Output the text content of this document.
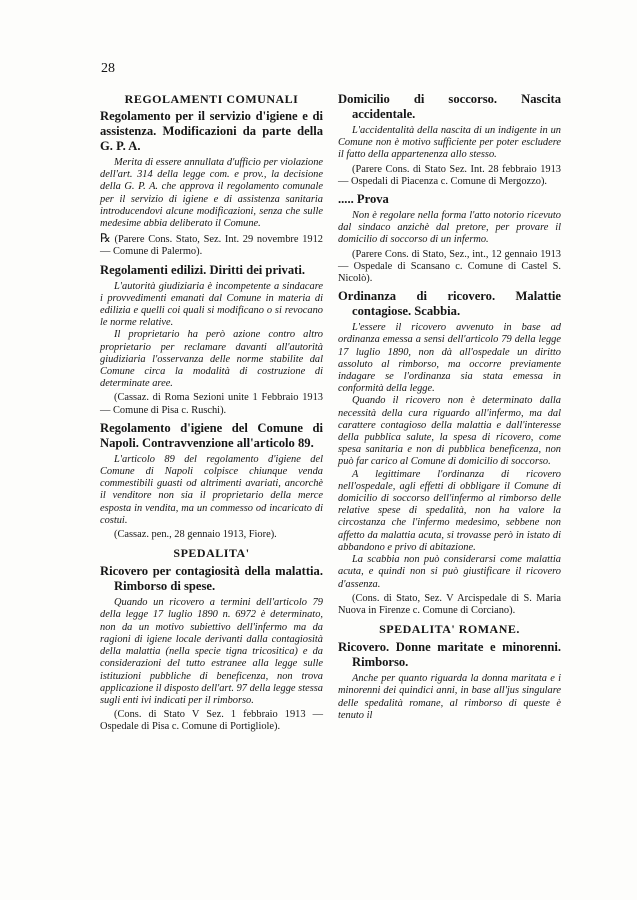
28
REGOLAMENTI COMUNALI
Regolamento per il servizio d'igiene e di assistenza. Modificazioni da parte della G. P. A.

Merita di essere annullata d'ufficio per violazione dell'art. 314 della legge com. e prov., la decisione della G. P. A. che approva il regolamento comunale per il servizio di igiene e di assistenza sanitaria introducendovi alcune modificazioni, senza che sulle medesime abbia deliberato il Comune.

℞ (Parere Cons. Stato, Sez. Int. 29 novembre 1912 — Comune di Palermo).

Regolamenti edilizi. Diritti dei privati.

L'autorità giudiziaria è incompetente a sindacare i provvedimenti emanati dal Comune in materia di edilizia e quelli coi quali si modificano o si revocano le norme relative.

Il proprietario ha però azione contro altro proprietario per reclamare davanti all'autorità giudiziaria l'osservanza delle norme stabilite dal Comune circa la modalità di costruzione di determinate aree.

(Cassaz. di Roma Sezioni unite 1 Febbraio 1913 — Comune di Pisa c. Ruschi).

Regolamento d'igiene del Comune di Napoli. Contravvenzione all'articolo 89.

L'articolo 89 del regolamento d'igiene del Comune di Napoli colpisce chiunque venda commestibili guasti od altrimenti avariati, ancorchè il venditore non sia il proprietario della merce esposta in vendita, ma un commesso od incaricato di costui.

(Cassaz. pen., 28 gennaio 1913, Fiore).

SPEDALITA'
Ricovero per contagiosità della malattia. Rimborso di spese.

Quando un ricovero a termini dell'articolo 79 della legge 17 luglio 1890 n. 6972 è determinato, non da un motivo subiettivo dell'infermo ma da ragioni di igiene locale derivanti dalla contagiosità della malattia (nella specie tigna tricositica) e da considerazioni del tutto estranee alla legge sulle istituzioni pubbliche di beneficenza, non trova applicazione il disposto dell'art. 97 della legge stessa sugli enti ivi indicati per il rimborso.

(Cons. di Stato V Sez. 1 febbraio 1913 — Ospedale di Pisa c. Comune di Portigliole).

Domicilio di soccorso. Nascita accidentale.

L'accidentalità della nascita di un indigente in un Comune non è motivo sufficiente per poter escludere il fatto della appartenenza allo stesso.

(Parere Cons. di Stato Sez. Int. 28 febbraio 1913 — Ospedali di Piacenza c. Comune di Mergozzo).

..... Prova

Non è regolare nella forma l'atto notorio ricevuto dal sindaco anzichè dal pretore, per provare il domicilio di soccorso di un infermo.

(Parere Cons. di Stato, Sez., int., 12 gennaio 1913 — Ospedale di Scansano c. Comune di Castel S. Nicolò).

Ordinanza di ricovero. Malattie contagiose. Scabbia.

L'essere il ricovero avvenuto in base ad ordinanza emessa a sensi dell'articolo 79 della legge 17 luglio 1890, non dà all'ospedale un diritto assoluto al rimborso, ma occorre previamente indagare se l'ordinanza sia stata emessa in conformità della legge.

Quando il ricovero non è determinato dalla necessità della cura riguardo all'infermo, ma dal carattere contagioso della malattia e dall'interesse della pubblica salute, la spesa di ricovero, come spesa sanitaria e non di pubblica beneficenza, non può far carico al Comune di domicilio di soccorso.

A legittimare l'ordinanza di ricovero nell'ospedale, agli effetti di obbligare il Comune di domicilio di soccorso dell'infermo al rimborso delle relative spese di spedalità, non ha valore la circostanza che l'infermo medesimo, sebbene non affetto da malattia acuta, si trovasse però in istato di abbandono e privo di abitazione.

La scabbia non può considerarsi come malattia acuta, e quindi non si può giustificare il ricovero d'assenza.

(Cons. di Stato, Sez. V Arcispedale di S. Maria Nuova in Firenze c. Comune di Corciano).

SPEDALITA' ROMANE.
Ricovero. Donne maritate e minorenni. Rimborso.

Anche per quanto riguarda la donna maritata e i minorenni dei quindici anni, in base all'jus singulare delle spedalità romane, al rimborso di queste è tenuto il
